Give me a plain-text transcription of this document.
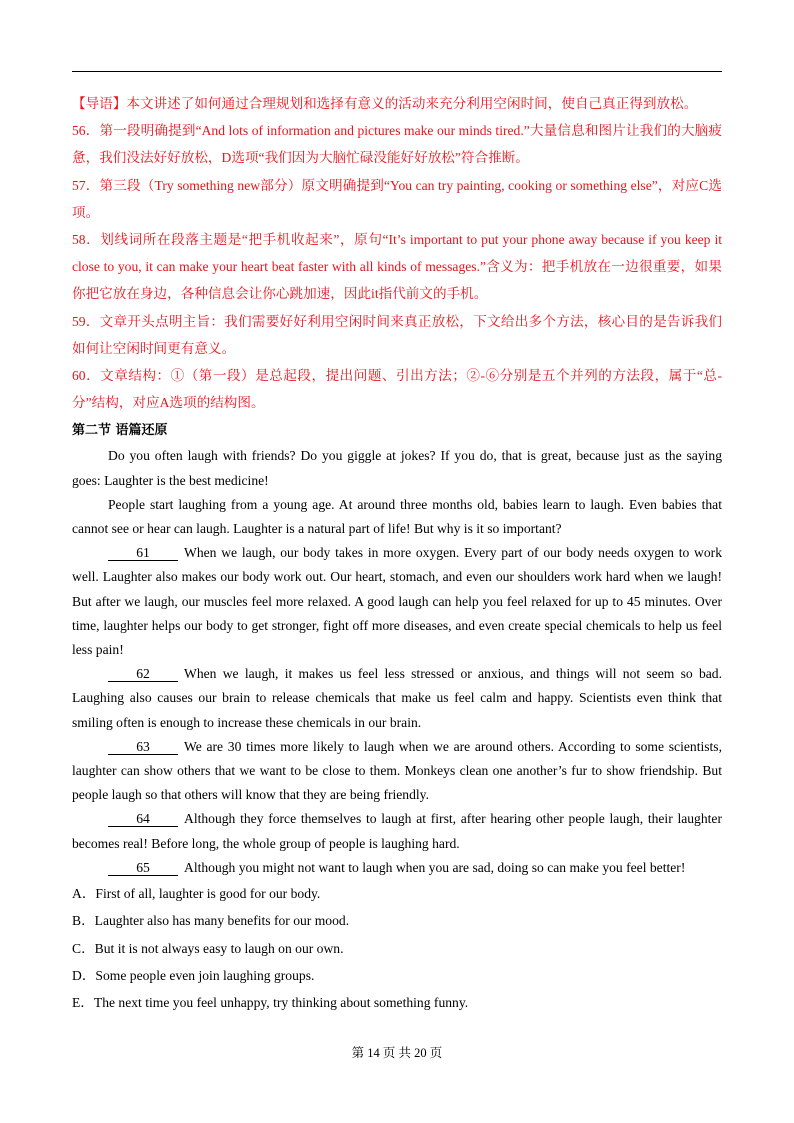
【导语】本文讲述了如何通过合理规划和选择有意义的活动来充分利用空闲时间，使自己真正得到放松。

56．第一段明确提到“And lots of information and pictures make our minds tired.”大量信息和图片让我们的大脑疲惫，我们没法好好放松，D选项“我们因为大脑忙碌没能好好放松”符合推断。

57．第三段（Try something new部分）原文明确提到“You can try painting, cooking or something else”，对应C选项。

58．划线词所在段落主题是“把手机收起来”，原句“It’s important to put your phone away because if you keep it close to you, it can make your heart beat faster with all kinds of messages.”含义为：把手机放在一边很重要，如果你把它放在身边，各种信息会让你心跳加速，因此it指代前文的手机。

59．文章开头点明主旨：我们需要好好利用空闲时间来真正放松，下文给出多个方法，核心目的是告诉我们如何让空闲时间更有意义。

60．文章结构：①（第一段）是总起段，提出问题、引出方法；②-⑥分别是五个并列的方法段，属于“总-分”结构，对应A选项的结构图。

第二节 语篇还原

Do you often laugh with friends? Do you giggle at jokes? If you do, that is great, because just as the saying goes: Laughter is the best medicine!

People start laughing from a young age. At around three months old, babies learn to laugh. Even babies that cannot see or hear can laugh. Laughter is a natural part of life! But why is it so important?

61	When we laugh, our body takes in more oxygen. Every part of our body needs oxygen to work well. Laughter also makes our body work out. Our heart, stomach, and even our shoulders work hard when we laugh! But after we laugh, our muscles feel more relaxed. A good laugh can help you feel relaxed for up to 45 minutes. Over time, laughter helps our body to get stronger, fight off more diseases, and even create special chemicals to help us feel less pain!

62	When we laugh, it makes us feel less stressed or anxious, and things will not seem so bad. Laughing also causes our brain to release chemicals that make us feel calm and happy. Scientists even think that smiling often is enough to increase these chemicals in our brain.

63	We are 30 times more likely to laugh when we are around others. According to some scientists, laughter can show others that we want to be close to them. Monkeys clean one another’s fur to show friendship. But people laugh so that others will know that they are being friendly.

64	Although they force themselves to laugh at first, after hearing other people laugh, their laughter becomes real! Before long, the whole group of people is laughing hard.

65	Although you might not want to laugh when you are sad, doing so can make you feel better!

A．First of all, laughter is good for our body.

B．Laughter also has many benefits for our mood.

C．But it is not always easy to laugh on our own.

D．Some people even join laughing groups.

E．The next time you feel unhappy, try thinking about something funny.

第 14 页 共 20 页
